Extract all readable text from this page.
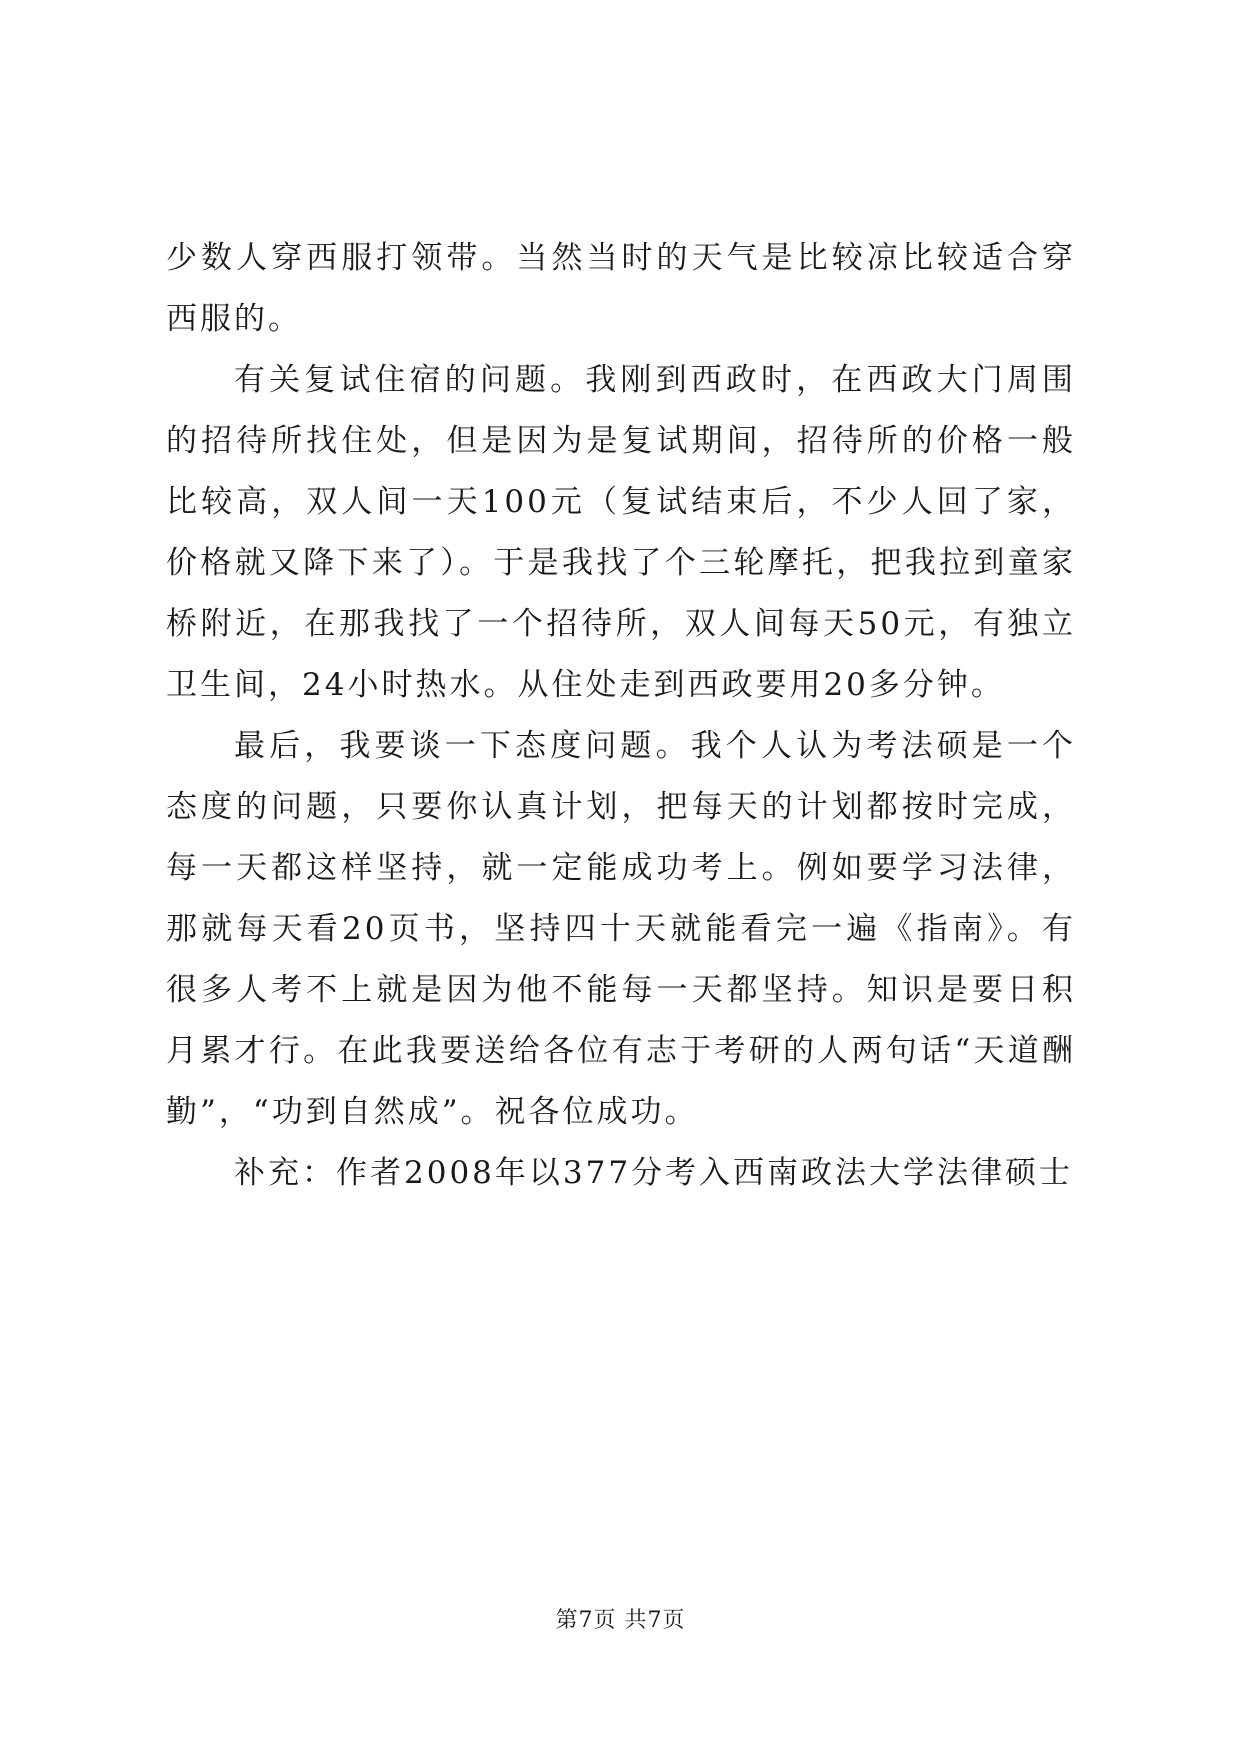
少数人穿西服打领带。当然当时的天气是比较凉比较适合穿西服的。

有关复试住宿的问题。我刚到西政时，在西政大门周围的招待所找住处，但是因为是复试期间，招待所的价格一般比较高，双人间一天100元（复试结束后，不少人回了家，价格就又降下来了）。于是我找了个三轮摩托，把我拉到童家桥附近，在那我找了一个招待所，双人间每天50元，有独立卫生间，24小时热水。从住处走到西政要用20多分钟。

最后，我要谈一下态度问题。我个人认为考法硕是一个态度的问题，只要你认真计划，把每天的计划都按时完成，每一天都这样坚持，就一定能成功考上。例如要学习法律，那就每天看20页书，坚持四十天就能看完一遍《指南》。有很多人考不上就是因为他不能每一天都坚持。知识是要日积月累才行。在此我要送给各位有志于考研的人两句话“天道酬勤”，“功到自然成”。祝各位成功。

补充：作者2008年以377分考入西南政法大学法律硕士

第7页 共7页
